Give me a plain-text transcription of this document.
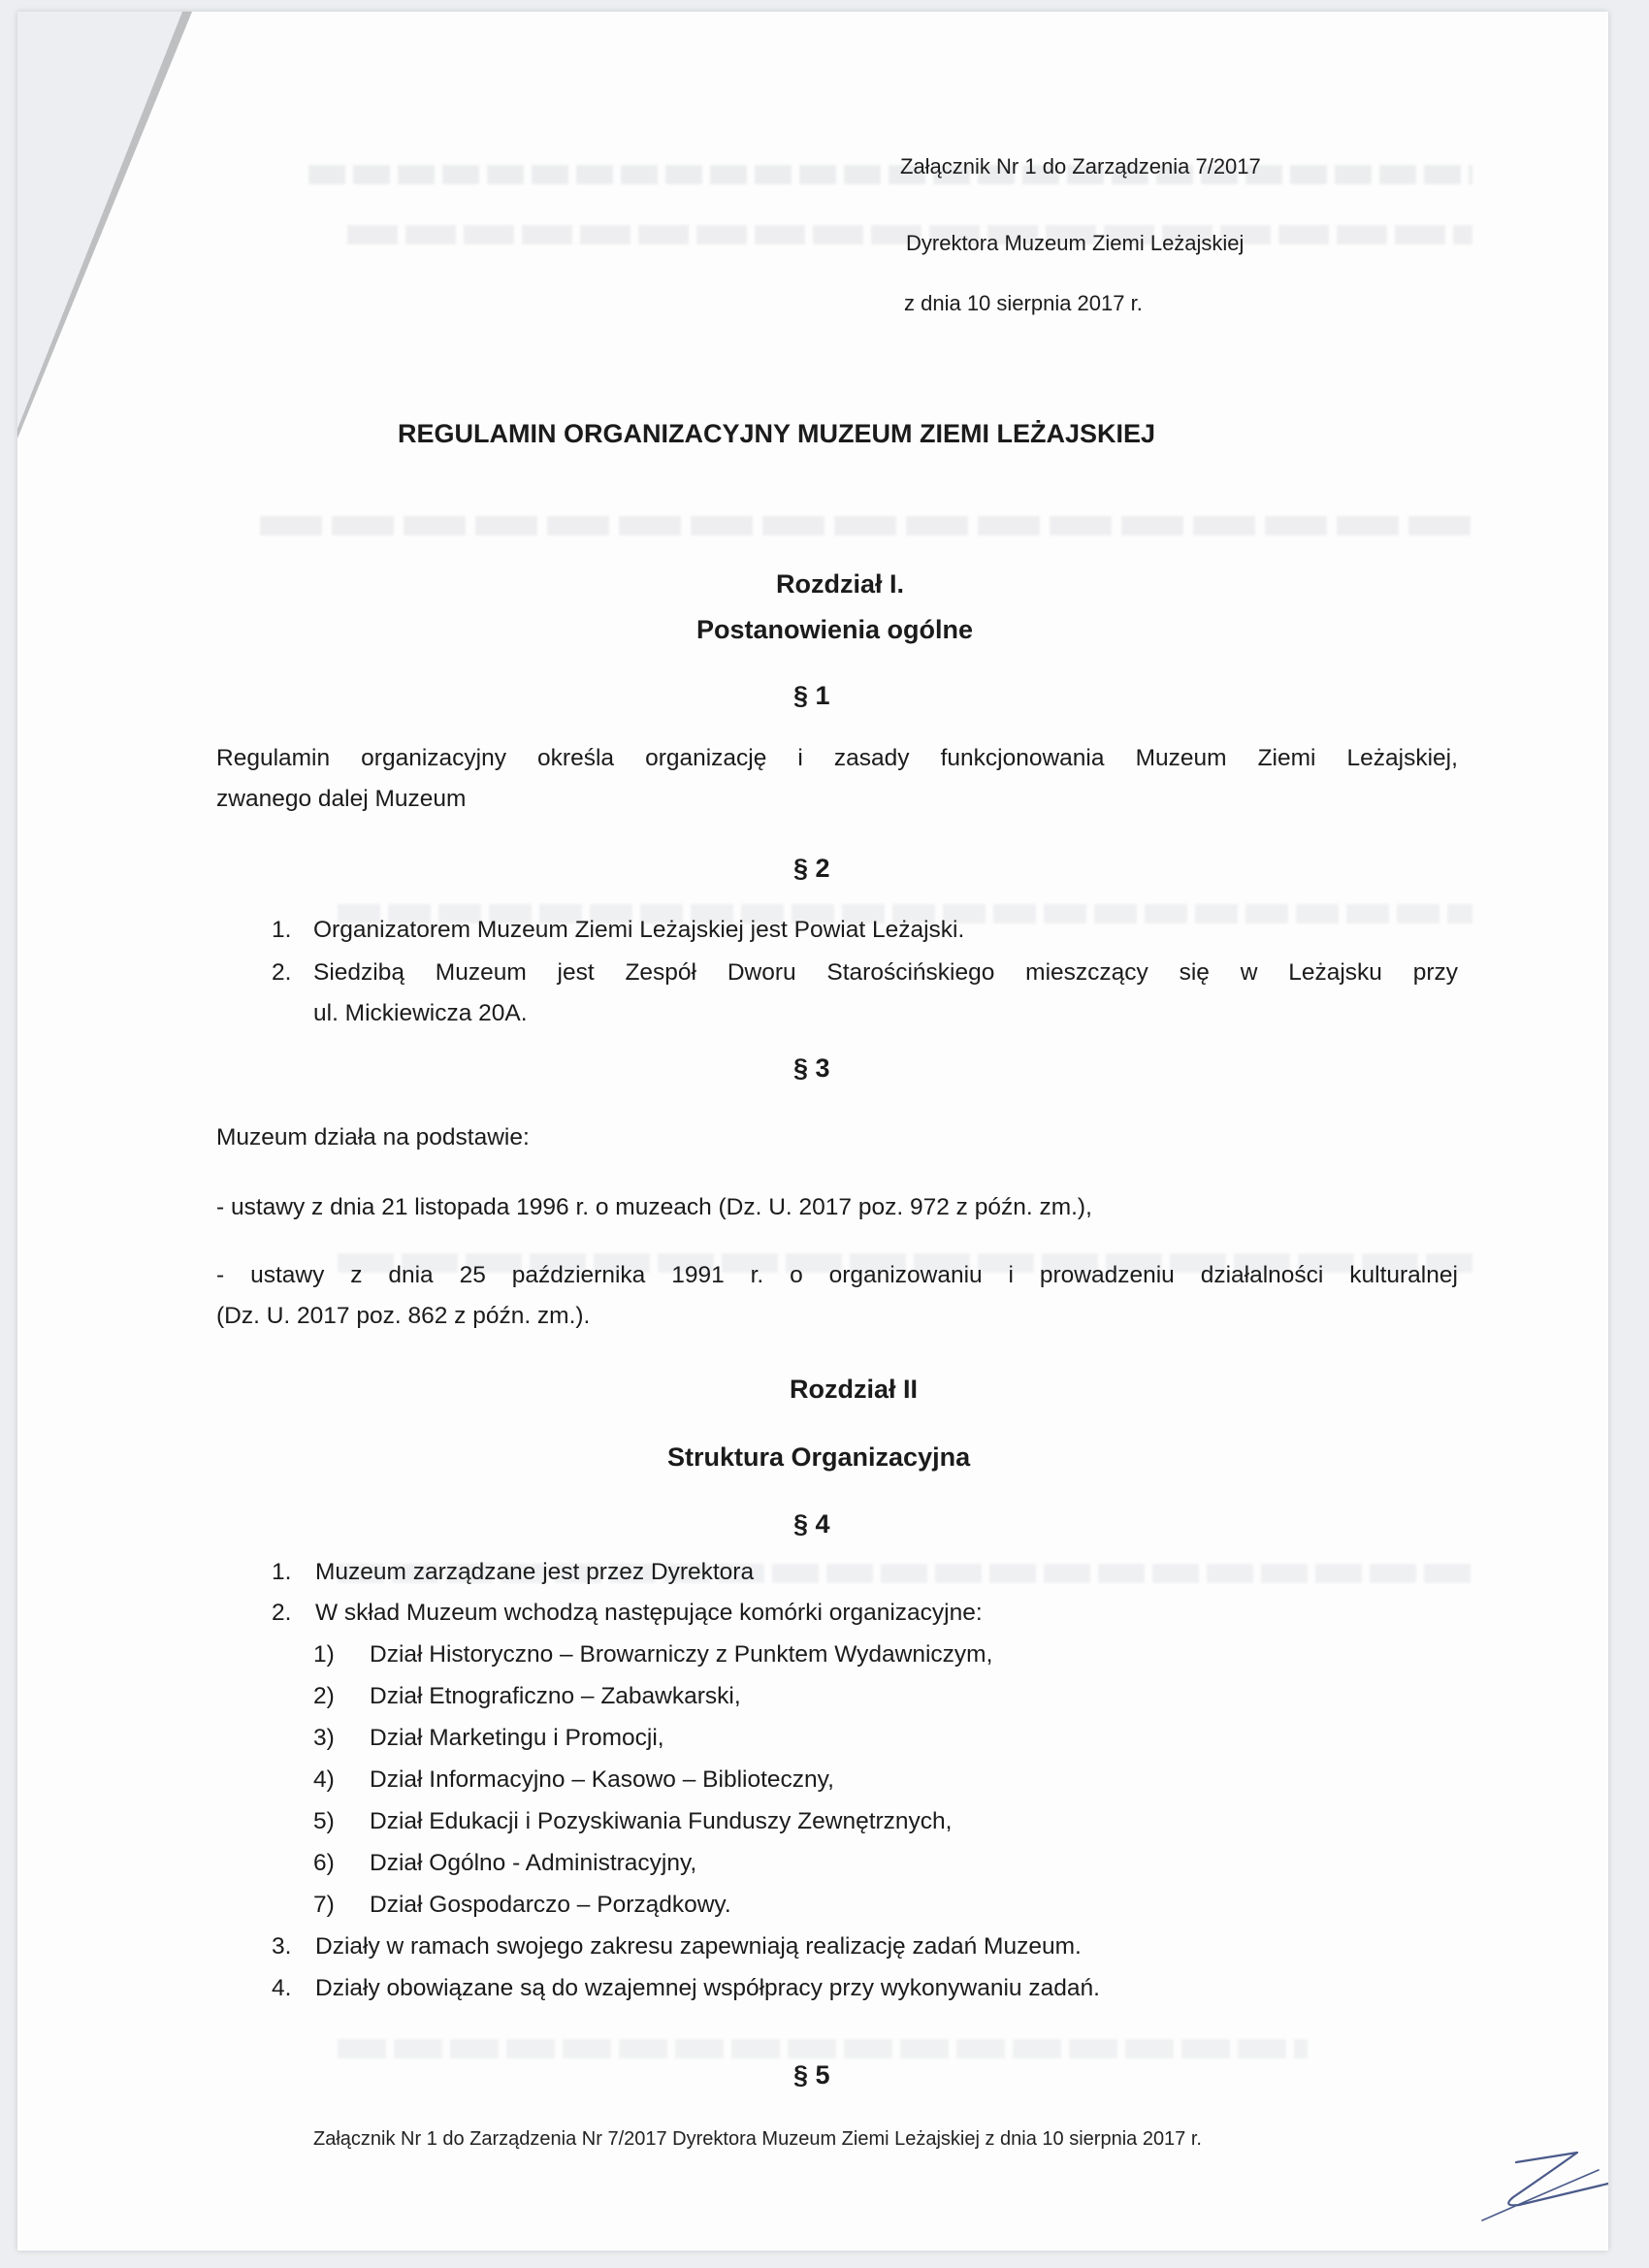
Załącznik Nr 1 do Zarządzenia 7/2017
Dyrektora Muzeum Ziemi Leżajskiej
z dnia 10 sierpnia 2017 r.
REGULAMIN ORGANIZACYJNY MUZEUM ZIEMI LEŻAJSKIEJ
Rozdział I.
Postanowienia ogólne
§ 1
Regulamin organizacyjny określa organizację i zasady funkcjonowania Muzeum Ziemi Leżajskiej,
zwanego dalej Muzeum
§ 2
1. Organizatorem Muzeum Ziemi Leżajskiej jest Powiat Leżajski.
2. Siedzibą Muzeum jest Zespół Dworu Starościńskiego mieszczący się w Leżajsku przy
ul. Mickiewicza 20A.
§ 3
Muzeum działa na podstawie:
- ustawy z dnia 21 listopada 1996 r. o muzeach (Dz. U. 2017 poz. 972 z późn. zm.),
- ustawy z dnia 25 października 1991 r. o organizowaniu i prowadzeniu działalności kulturalnej
(Dz. U. 2017 poz. 862 z późn. zm.).
Rozdział II
Struktura Organizacyjna
§ 4
1. Muzeum zarządzane jest przez Dyrektora
2. W skład Muzeum wchodzą następujące komórki organizacyjne:
1) Dział Historyczno – Browarniczy z Punktem Wydawniczym,
2) Dział Etnograficzno – Zabawkarski,
3) Dział Marketingu i Promocji,
4) Dział Informacyjno – Kasowo – Biblioteczny,
5) Dział Edukacji i Pozyskiwania Funduszy Zewnętrznych,
6) Dział Ogólno - Administracyjny,
7) Dział Gospodarczo – Porządkowy.
3. Działy w ramach swojego zakresu zapewniają realizację zadań Muzeum.
4. Działy obowiązane są do wzajemnej współpracy przy wykonywaniu zadań.
§ 5
Załącznik Nr 1 do Zarządzenia Nr 7/2017 Dyrektora Muzeum Ziemi Leżajskiej z dnia 10 sierpnia 2017 r.
